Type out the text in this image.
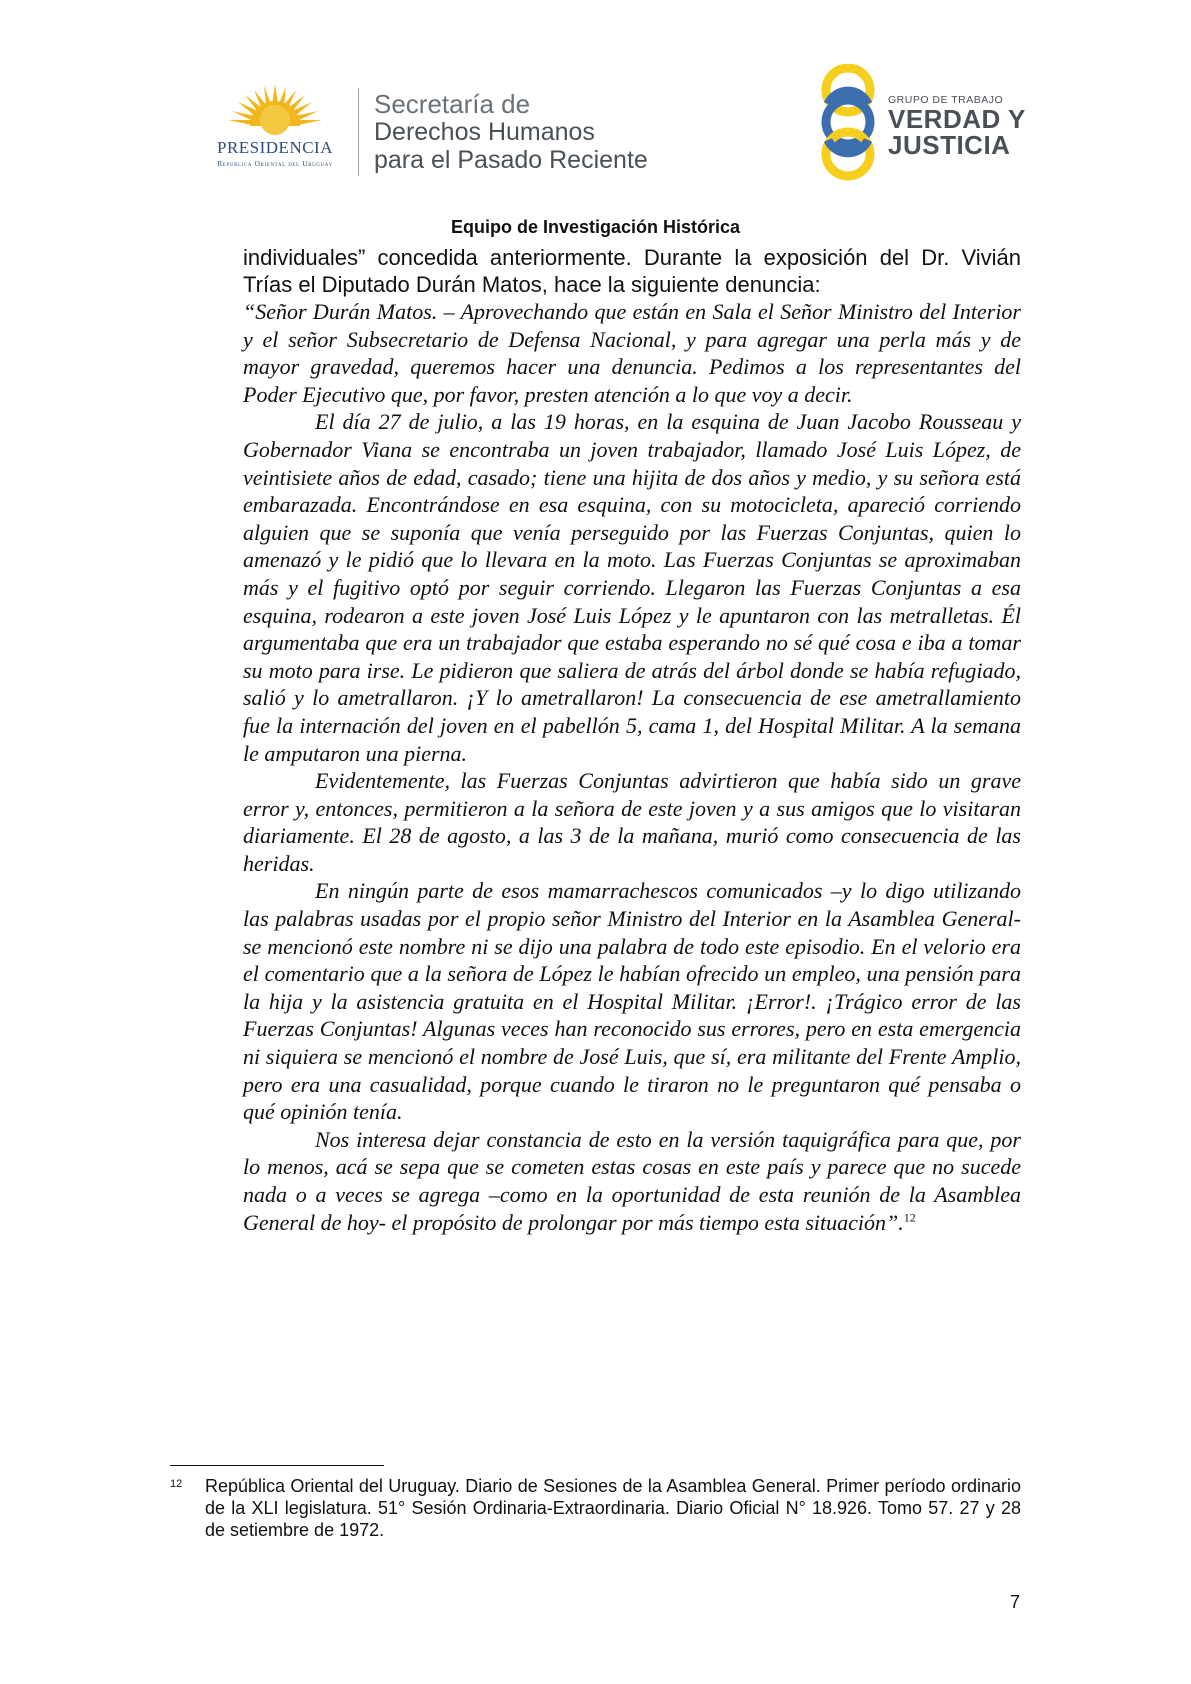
PRESIDENCIA
República Oriental del Uruguay
Secretaría de
Derechos Humanos
para el Pasado Reciente
GRUPO DE TRABAJO
VERDAD Y
JUSTICIA
Equipo de Investigación Histórica

individuales” concedida anteriormente. Durante la exposición del Dr. Vivián Trías el Diputado Durán Matos, hace la siguiente denuncia:

“Señor Durán Matos. – Aprovechando que están en Sala el Señor Ministro del Interior y el señor Subsecretario de Defensa Nacional, y para agregar una perla más y de mayor gravedad, queremos hacer una denuncia. Pedimos a los representantes del Poder Ejecutivo que, por favor, presten atención a lo que voy a decir.

El día 27 de julio, a las 19 horas, en la esquina de Juan Jacobo Rousseau y Gobernador Viana se encontraba un joven trabajador, llamado José Luis López, de veintisiete años de edad, casado; tiene una hijita de dos años y medio, y su señora está embarazada. Encontrándose en esa esquina, con su motocicleta, apareció corriendo alguien que se suponía que venía perseguido por las Fuerzas Conjuntas, quien lo amenazó y le pidió que lo llevara en la moto. Las Fuerzas Conjuntas se aproximaban más y el fugitivo optó por seguir corriendo. Llegaron las Fuerzas Conjuntas a esa esquina, rodearon a este joven José Luis López y le apuntaron con las metralletas. Él argumentaba que era un trabajador que estaba esperando no sé qué cosa e iba a tomar su moto para irse. Le pidieron que saliera de atrás del árbol donde se había refugiado, salió y lo ametrallaron. ¡Y lo ametrallaron! La consecuencia de ese ametrallamiento fue la internación del joven en el pabellón 5, cama 1, del Hospital Militar. A la semana le amputaron una pierna.

Evidentemente, las Fuerzas Conjuntas advirtieron que había sido un grave error y, entonces, permitieron a la señora de este joven y a sus amigos que lo visitaran diariamente. El 28 de agosto, a las 3 de la mañana, murió como consecuencia de las heridas.

En ningún parte de esos mamarrachescos comunicados –y lo digo utilizando las palabras usadas por el propio señor Ministro del Interior en la Asamblea General- se mencionó este nombre ni se dijo una palabra de todo este episodio. En el velorio era el comentario que a la señora de López le habían ofrecido un empleo, una pensión para la hija y la asistencia gratuita en el Hospital Militar. ¡Error!. ¡Trágico error de las Fuerzas Conjuntas! Algunas veces han reconocido sus errores, pero en esta emergencia ni siquiera se mencionó el nombre de José Luis, que sí, era militante del Frente Amplio, pero era una casualidad, porque cuando le tiraron no le preguntaron qué pensaba o qué opinión tenía.

Nos interesa dejar constancia de esto en la versión taquigráfica para que, por lo menos, acá se sepa que se cometen estas cosas en este país y parece que no sucede nada o a veces se agrega –como en la oportunidad de esta reunión de la Asamblea General de hoy- el propósito de prolongar por más tiempo esta situación”.$^{12}$

12 República Oriental del Uruguay. Diario de Sesiones de la Asamblea General. Primer período ordinario de la XLI legislatura. 51° Sesión Ordinaria-Extraordinaria. Diario Oficial N° 18.926. Tomo 57. 27 y 28 de setiembre de 1972.
7
